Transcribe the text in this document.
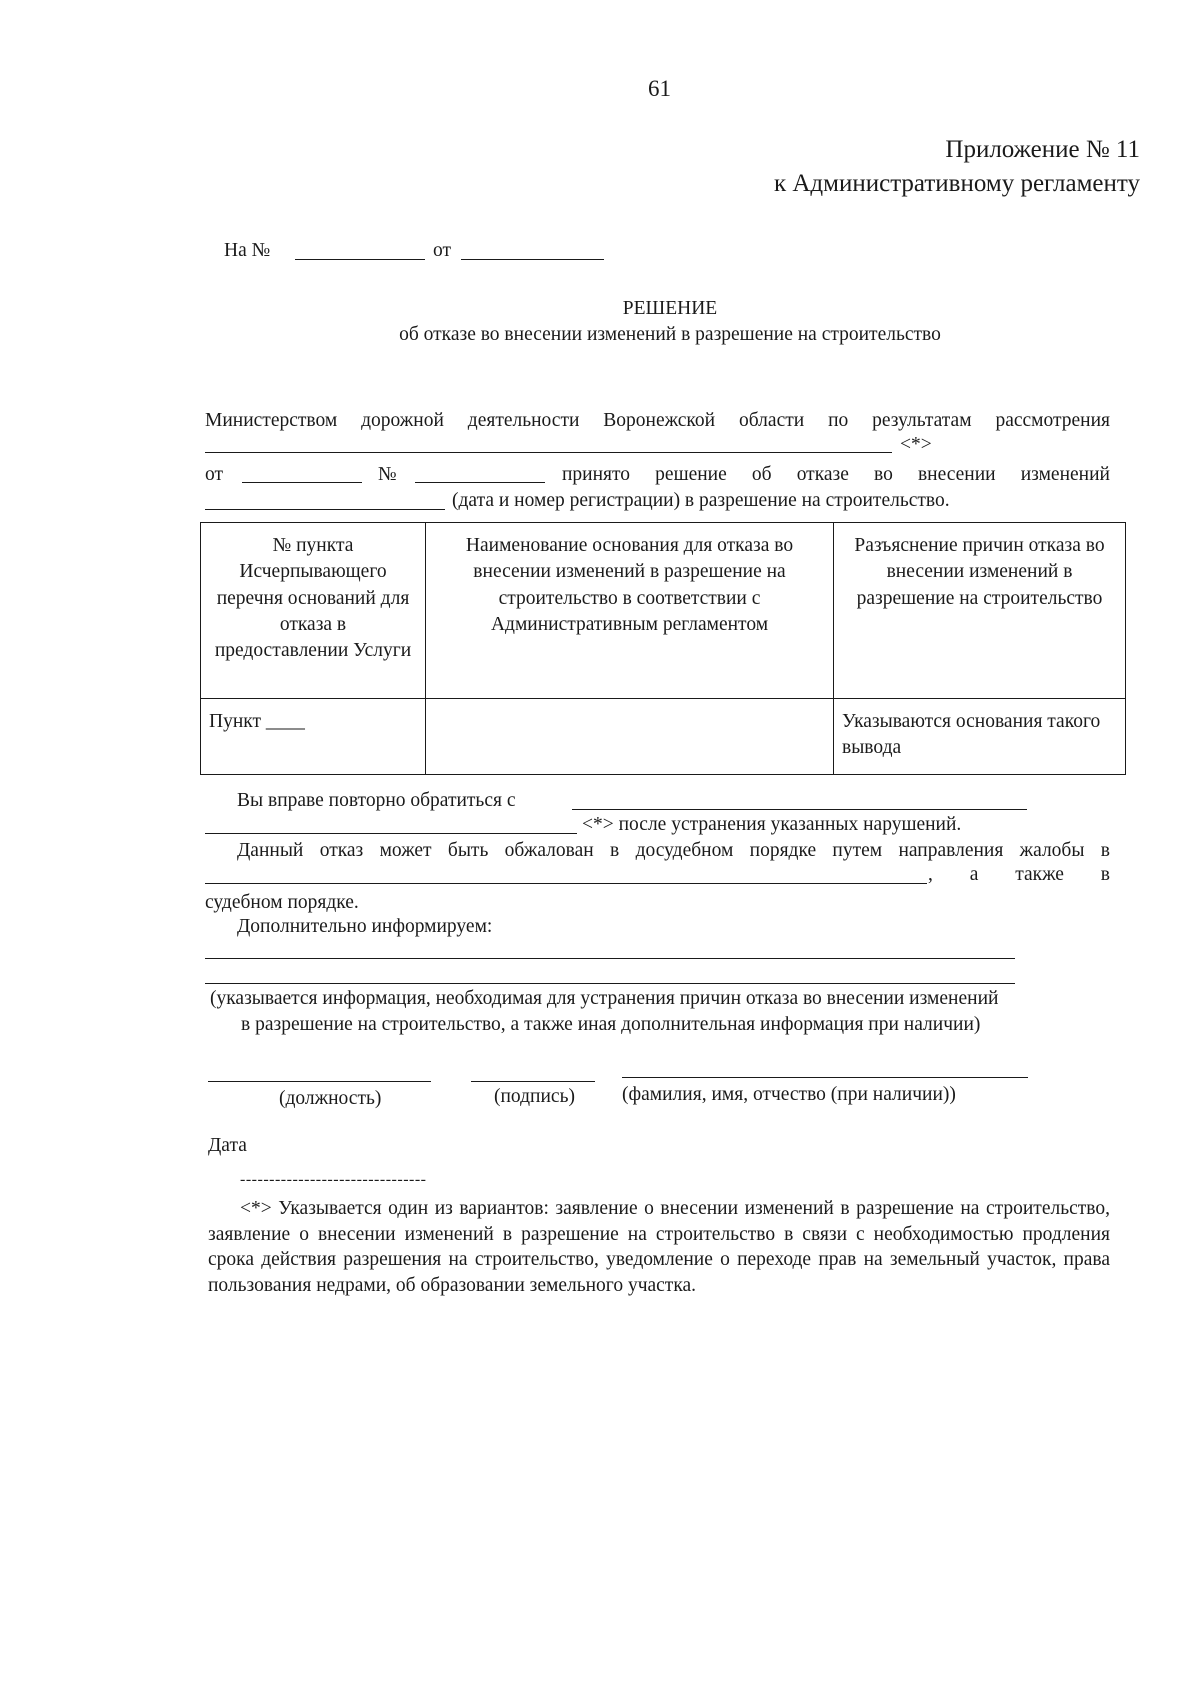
61
Приложение № 11
к Административному регламенту
На №	от
РЕШЕНИЕ
об отказе во внесении изменений в разрешение на строительство
Министерством дорожной деятельности Воронежской области по результатам рассмотрения
<*>
от	№	принято решение об отказе во внесении изменений
(дата и номер регистрации) в разрешение на строительство.
№ пункта Исчерпывающего перечня оснований для отказа в предоставлении Услуги	Наименование основания для отказа во внесении изменений в разрешение на строительство в соответствии с Административным регламентом	Разъяснение причин отказа во внесении изменений в разрешение на строительство
Пункт ____		Указываются основания такого вывода
Вы вправе повторно обратиться с
<*> после устранения указанных нарушений.
Данный отказ может быть обжалован в досудебном порядке путем направления жалобы в
, а также в
судебном порядке.
Дополнительно информируем:
(указывается информация, необходимая для устранения причин отказа во внесении изменений
в разрешение на строительство, а также иная дополнительная информация при наличии)
(должность)	(подпись) (фамилия, имя, отчество (при наличии))
Дата
--------------------------------

<*> Указывается один из вариантов: заявление о внесении изменений в разрешение на строительство, заявление о внесении изменений в разрешение на строительство в связи с необходимостью продления срока действия разрешения на строительство, уведомление о переходе прав на земельный участок, права пользования недрами, об образовании земельного участка.
